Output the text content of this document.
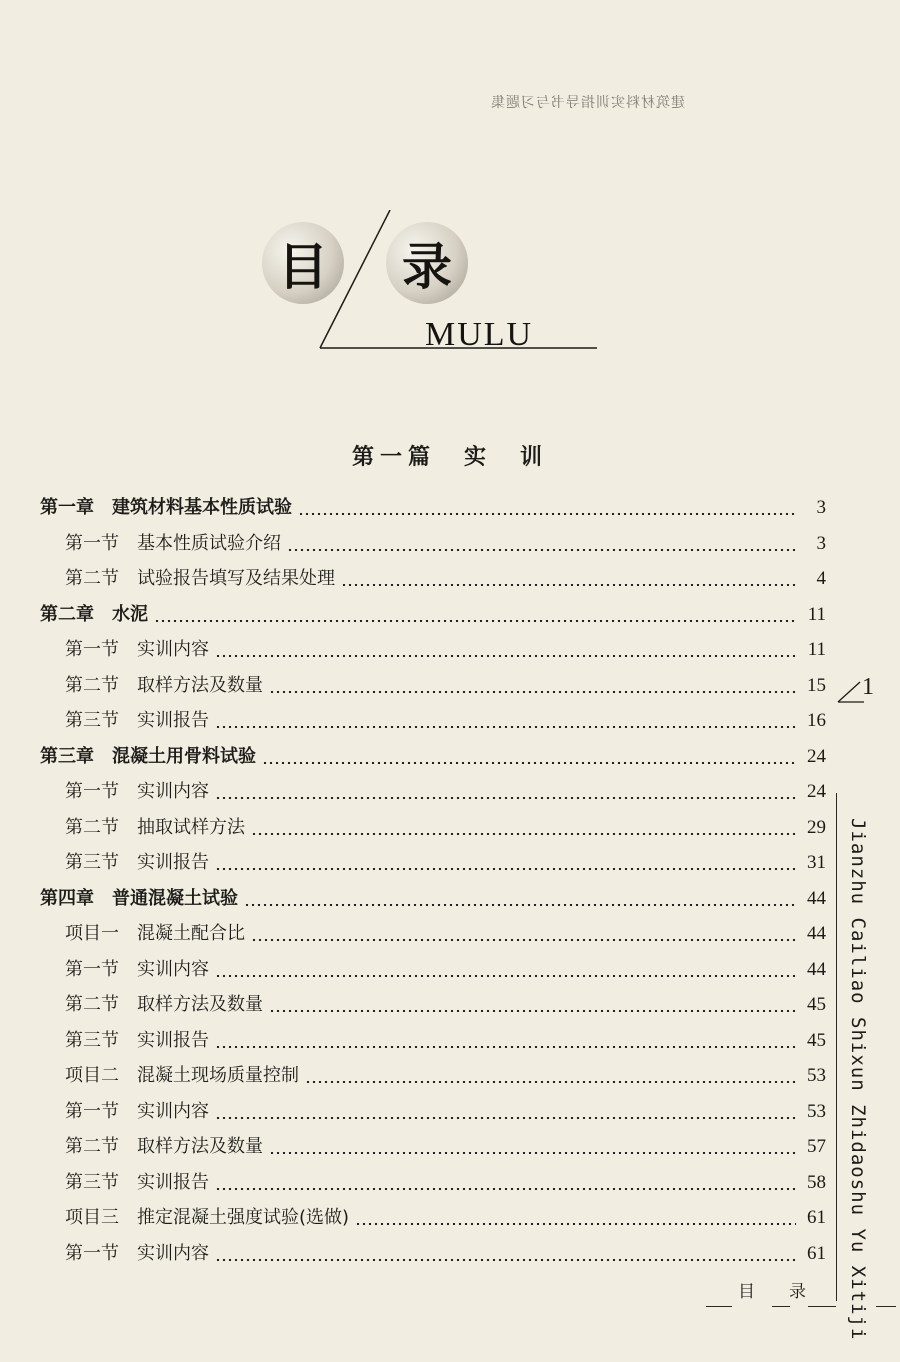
建筑材料实训指导书与习题集
目	录
MULU
第一篇　实　训
第一章　建筑材料基本性质试验	3
第一节　基本性质试验介绍	3
第二节　试验报告填写及结果处理	4
第二章　水泥	11
第一节　实训内容	11
第二节　取样方法及数量	15
第三节　实训报告	16
第三章　混凝土用骨料试验	24
第一节　实训内容	24
第二节　抽取试样方法	29
第三节　实训报告	31
第四章　普通混凝土试验	44
项目一　混凝土配合比	44
第一节　实训内容	44
第二节　取样方法及数量	45
第三节　实训报告	45
项目二　混凝土现场质量控制	53
第一节　实训内容	53
第二节　取样方法及数量	57
第三节　实训报告	58
项目三　推定混凝土强度试验(选做)	61
第一节　实训内容	61
1
Jianzhu Cailiao Shixun Zhidaoshu Yu Xitiji
目录
